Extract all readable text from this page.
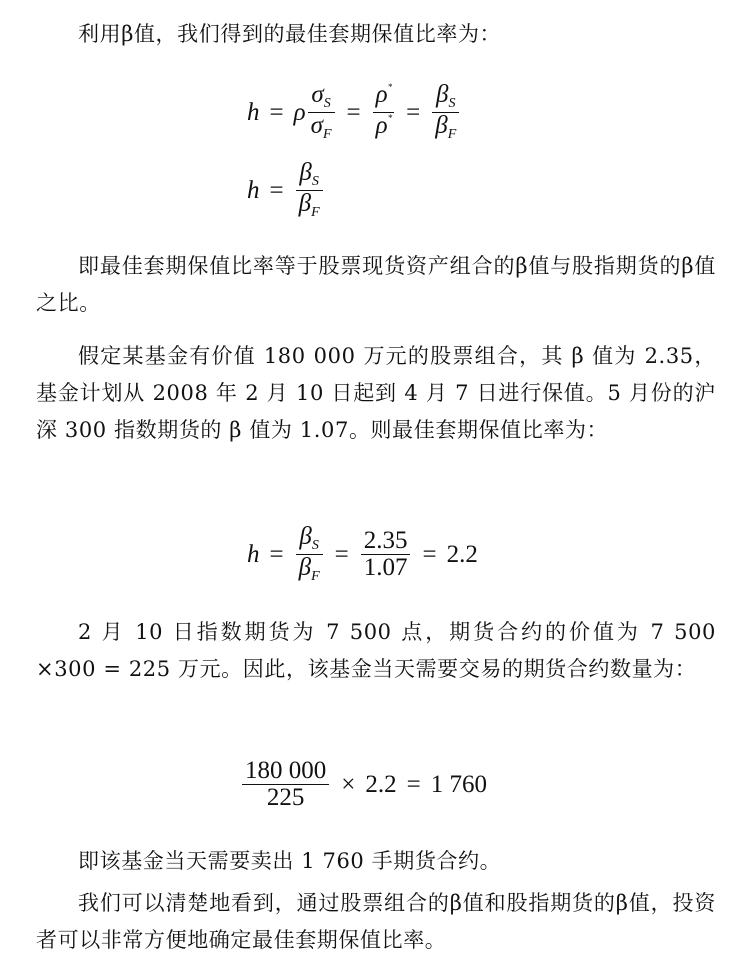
利用β值，我们得到的最佳套期保值比率为：

h = ρ $\frac{\sigma_S}{\sigma_F} = \frac{\rho^*}{\rho^*} = \frac{\beta_S}{\beta_F}$
$h = \frac{\beta_S}{\beta_F}$

即最佳套期保值比率等于股票现货资产组合的β值与股指期货的β值之比。

假定某基金有价值 180 000 万元的股票组合，其 β 值为 2.35，基金计划从 2008 年 2 月 10 日起到 4 月 7 日进行保值。5 月份的沪深 300 指数期货的 β 值为 1.07。则最佳套期保值比率为：

$h = \frac{\beta_S}{\beta_F} = \frac{2.35}{1.07} = 2.2$

2 月 10 日指数期货为 7 500 点，期货合约的价值为 7 500 ×300 = 225 万元。因此，该基金当天需要交易的期货合约数量为：

$\frac{180 000}{225} \times 2.2 = 1$ 760

即该基金当天需要卖出 1 760 手期货合约。

我们可以清楚地看到，通过股票组合的β值和股指期货的β值，投资者可以非常方便地确定最佳套期保值比率。
